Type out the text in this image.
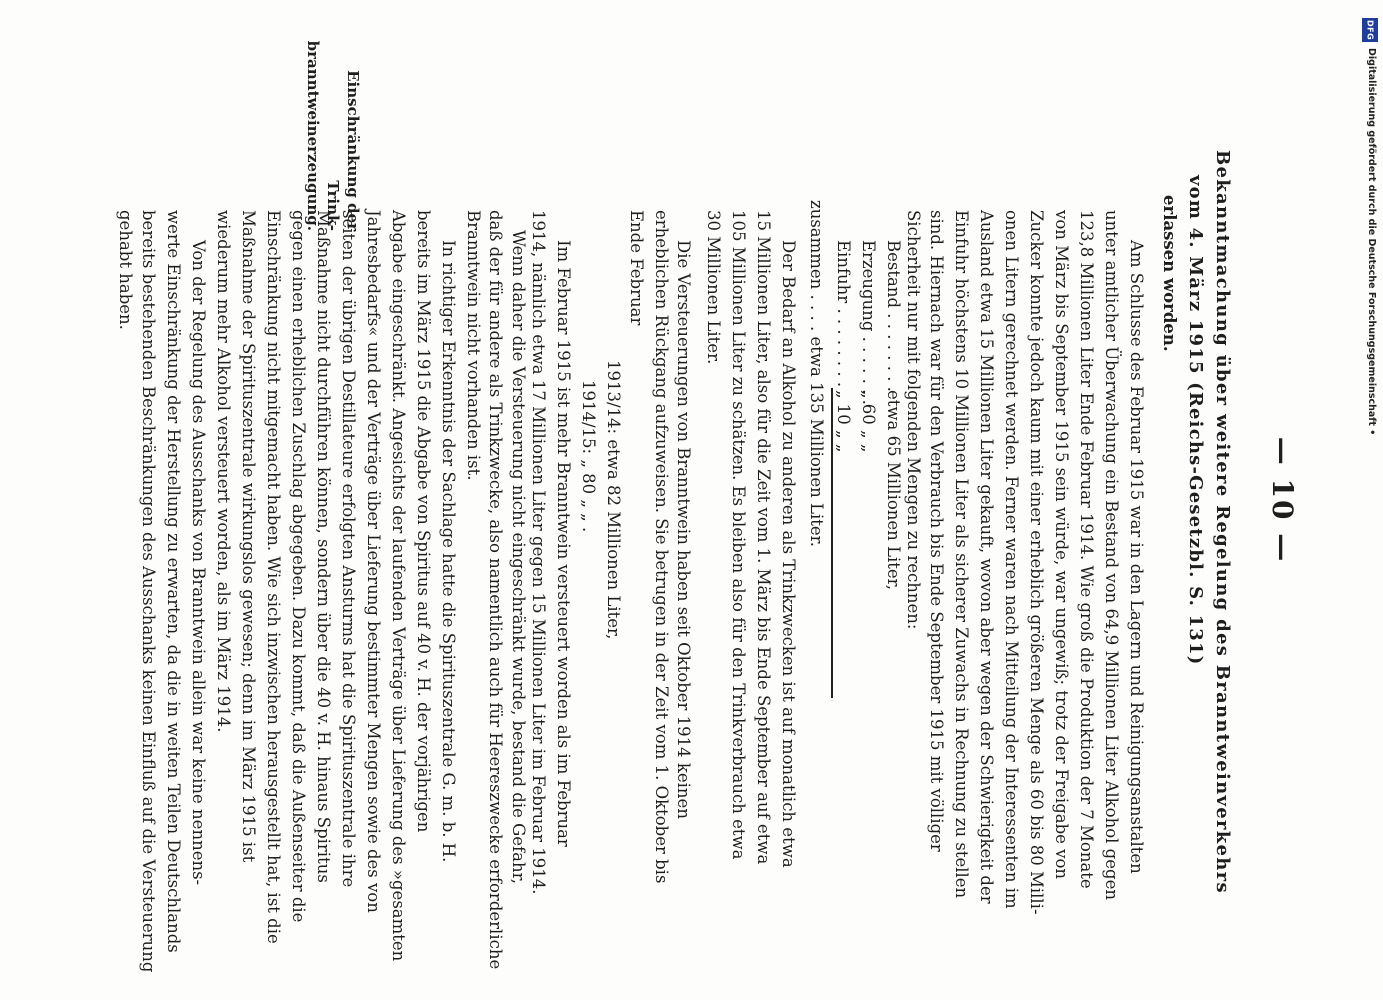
— 10 —
Einschränkung der Trink- branntweinerzeugung.
Bekanntmachung über weitere Regelung des Branntweinverkehrs
vom 4. März 1915 (Reichs-Gesetzbl. S. 131)
erlassen worden.
Am Schlusse des Februar 1915 war in den Lagern und Reinigungsanstalten
unter amtlicher Überwachung ein Bestand von 64,9 Millionen Liter Alkohol gegen
123,8 Millionen Liter Ende Februar 1914. Wie groß die Produktion der 7 Monate
von März bis September 1915 sein würde, war ungewiß; trotz der Freigabe von
Zucker konnte jedoch kaum mit einer erheblich größeren Menge als 60 bis 80 Milli-
onen Litern gerechnet werden. Ferner waren nach Mitteilung der Interessenten im
Ausland etwa 15 Millionen Liter gekauft, wovon aber wegen der Schwierigkeit der
Einfuhr höchstens 10 Millionen Liter als sicherer Zuwachs in Rechnung zu stellen
sind. Hiernach war für den Verbrauch bis Ende September 1915 mit völliger
Sicherheit nur mit folgenden Mengen zu rechnen:
Bestand . . . . . . . .
etwa 65 Millionen Liter,
Erzeugung . . . . . . .
„ 60 „ „
Einfuhr . . . . . . . .
„ 10 „ „
zusammen . . . . etwa 135 Millionen Liter.
Der Bedarf an Alkohol zu anderen als Trinkzwecken ist auf monatlich etwa
15 Millionen Liter, also für die Zeit vom 1. März bis Ende September auf etwa
105 Millionen Liter zu schätzen. Es bleiben also für den Trinkverbrauch etwa
30 Millionen Liter.
Die Versteuerungen von Branntwein haben seit Oktober 1914 keinen
erheblichen Rückgang aufzuweisen. Sie betrugen in der Zeit vom 1. Oktober bis
Ende Februar
1913/14: etwa 82 Millionen Liter,
1914/15: „ 80 „ „ .
Im Februar 1915 ist mehr Branntwein versteuert worden als im Februar
1914, nämlich etwa 17 Millionen Liter gegen 15 Millionen Liter im Februar 1914.
Wenn daher die Versteuerung nicht eingeschränkt wurde, bestand die Gefahr,
daß der für andere als Trinkzwecke, also namentlich auch für Heereszwecke erforderliche
Branntwein nicht vorhanden ist.
In richtiger Erkenntnis der Sachlage hatte die Spirituszentrale G. m. b. H.
bereits im März 1915 die Abgabe von Spiritus auf 40 v. H. der vorjährigen
Abgabe eingeschränkt. Angesichts der laufenden Verträge über Lieferung des »gesamten
Jahresbedarfs« und der Verträge über Lieferung bestimmter Mengen sowie des von
seiten der übrigen Destillateure erfolgten Ansturms hat die Spirituszentrale ihre
Maßnahme nicht durchführen können, sondern über die 40 v. H. hinaus Spiritus
gegen einen erheblichen Zuschlag abgegeben. Dazu kommt, daß die Außenseiter die
Einschränkung nicht mitgemacht haben. Wie sich inzwischen herausgestellt hat, ist die
Maßnahme der Spirituszentrale wirkungslos gewesen; denn im März 1915 ist
wiederum mehr Alkohol versteuert worden, als im März 1914.
Von der Regelung des Ausschanks von Branntwein allein war keine nennens-
werte Einschränkung der Herstellung zu erwarten, da die in weiten Teilen Deutschlands
bereits bestehenden Beschränkungen des Ausschanks keinen Einfluß auf die Versteuerung
gehabt haben.
DFG
Digitalisierung gefördert durch die Deutsche Forschungsgemeinschaft •
